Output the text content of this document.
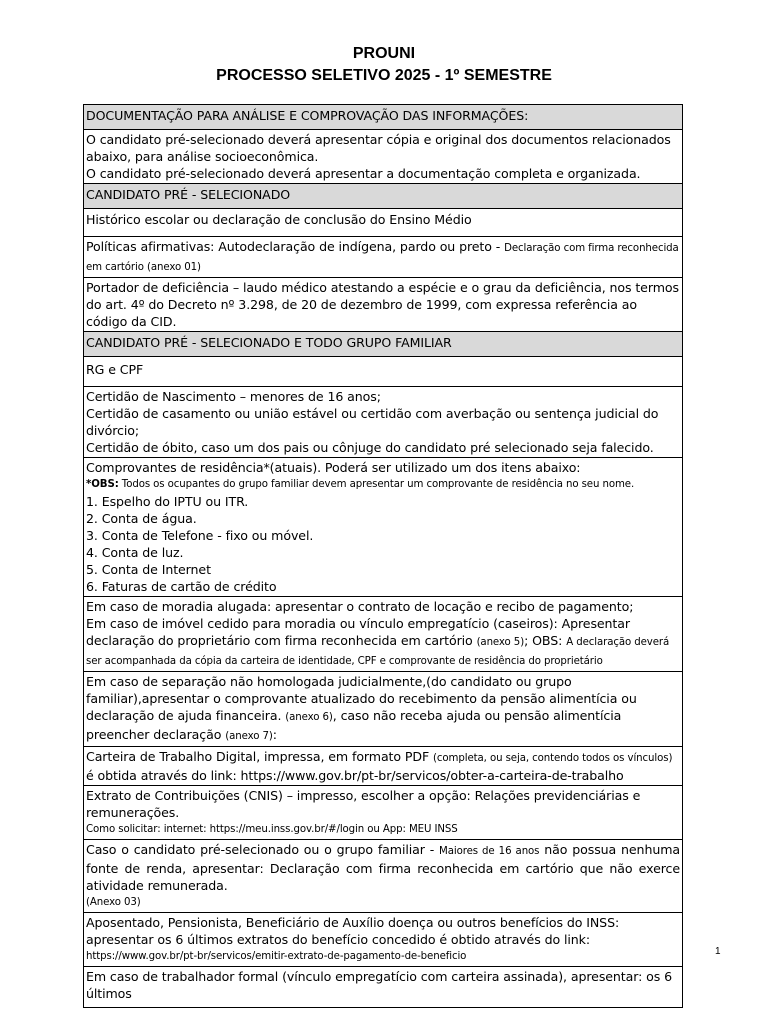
PROUNI
PROCESSO SELETIVO 2025 - 1º SEMESTRE
DOCUMENTAÇÃO PARA ANÁLISE E COMPROVAÇÃO DAS INFORMAÇÕES:

O candidato pré-selecionado deverá apresentar cópia e original dos documentos relacionados abaixo, para análise socioeconômica.
O candidato pré-selecionado deverá apresentar a documentação completa e organizada.

CANDIDATO PRÉ - SELECIONADO
Histórico escolar ou declaração de conclusão do Ensino Médio
Políticas afirmativas: Autodeclaração de indígena, pardo ou preto - Declaração com firma reconhecida em cartório (anexo 01)
Portador de deficiência – laudo médico atestando a espécie e o grau da deficiência, nos termos do art. 4º do Decreto nº 3.298, de 20 de dezembro de 1999, com expressa referência ao código da CID.
CANDIDATO PRÉ - SELECIONADO E TODO GRUPO FAMILIAR
RG e CPF

Certidão de Nascimento – menores de 16 anos;
Certidão de casamento ou união estável ou certidão com averbação ou sentença judicial do divórcio;
Certidão de óbito, caso um dos pais ou cônjuge do candidato pré selecionado seja falecido.

Comprovantes de residência*(atuais). Poderá ser utilizado um dos itens abaixo:
*OBS: Todos os ocupantes do grupo familiar devem apresentar um comprovante de residência no seu nome.
1. Espelho do IPTU ou ITR.
2. Conta de água.
3. Conta de Telefone - fixo ou móvel.
4. Conta de luz.
5. Conta de Internet
6. Faturas de cartão de crédito

Em caso de moradia alugada: apresentar o contrato de locação e recibo de pagamento;
Em caso de imóvel cedido para moradia ou vínculo empregatício (caseiros): Apresentar declaração do proprietário com firma reconhecida em cartório (anexo 5); OBS: A declaração deverá ser acompanhada da cópia da carteira de identidade, CPF e comprovante de residência do proprietário

Em caso de separação não homologada judicialmente,(do candidato ou grupo familiar),apresentar o comprovante atualizado do recebimento da pensão alimentícia ou declaração de ajuda financeira. (anexo 6), caso não receba ajuda ou pensão alimentícia preencher declaração (anexo 7):
Carteira de Trabalho Digital, impressa, em formato PDF (completa, ou seja, contendo todos os vínculos) é obtida através do link: https://www.gov.br/pt-br/servicos/obter-a-carteira-de-trabalho

Extrato de Contribuições (CNIS) – impresso, escolher a opção: Relações previdenciárias e remunerações.
Como solicitar: internet: https://meu.inss.gov.br/#/login ou App: MEU INSS

Caso o candidato pré-selecionado ou o grupo familiar - Maiores de 16 anos não possua nenhuma fonte de renda, apresentar: Declaração com firma reconhecida em cartório que não exerce atividade remunerada.
(Anexo 03)

Aposentado, Pensionista, Beneficiário de Auxílio doença ou outros benefícios do INSS: apresentar os 6 últimos extratos do benefício concedido é obtido através do link:
https://www.gov.br/pt-br/servicos/emitir-extrato-de-pagamento-de-beneficio

Em caso de trabalhador formal (vínculo empregatício com carteira assinada), apresentar: os 6 últimos
1
